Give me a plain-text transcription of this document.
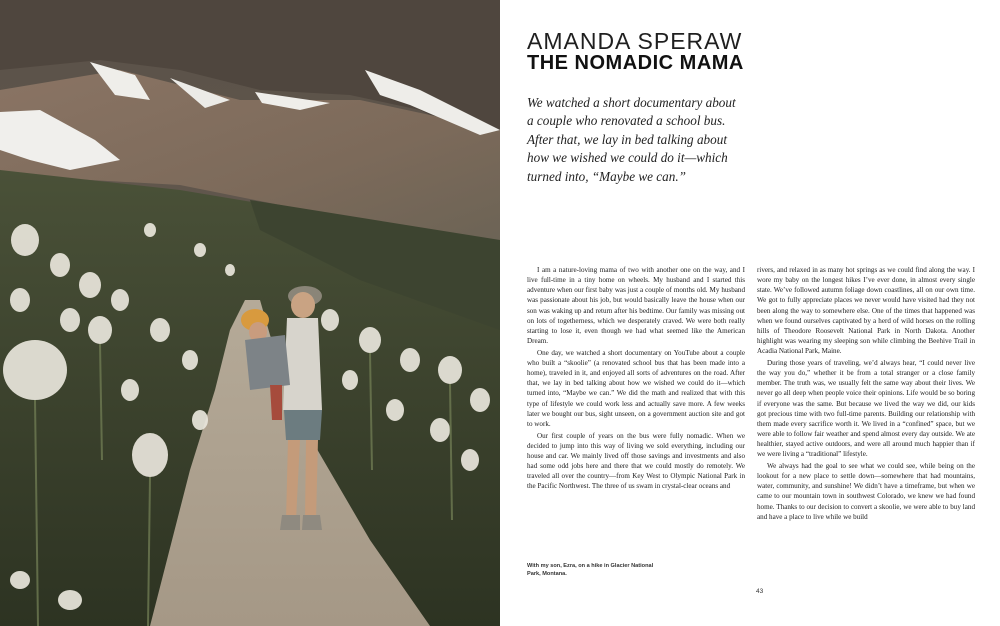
AMANDA SPERAW
THE NOMADIC MAMA
We watched a short documentary about
a couple who renovated a school bus.
After that, we lay in bed talking about
how we wished we could do it—which
turned into, “Maybe we can.”

I am a nature-loving mama of two with another one on the way, and I live full-time in a tiny home on wheels. My husband and I started this adventure when our first baby was just a couple of months old. My husband was passionate about his job, but would basically leave the house when our son was waking up and return after his bedtime. Our family was missing out on lots of togetherness, which we desperately craved. We were both really starting to lose it, even though we had what seemed like the American Dream.

One day, we watched a short documentary on YouTube about a couple who built a “skoolie” (a renovated school bus that has been made into a home), traveled in it, and enjoyed all sorts of adventures on the road. After that, we lay in bed talking about how we wished we could do it—which turned into, “Maybe we can.” We did the math and realized that with this type of lifestyle we could work less and actually save more. A few weeks later we bought our bus, sight unseen, on a government auction site and got to work.

Our first couple of years on the bus were fully nomadic. When we decided to jump into this way of living we sold everything, including our house and car. We mainly lived off those savings and investments and also had some odd jobs here and there that we could mostly do remotely. We traveled all over the country—from Key West to Olympic National Park in the Pacific Northwest. The three of us swam in crystal-clear oceans and

rivers, and relaxed in as many hot springs as we could find along the way. I wore my baby on the longest hikes I’ve ever done, in almost every single state. We’ve followed autumn foliage down coastlines, all on our own time. We got to fully appreciate places we never would have visited had they not been along the way to somewhere else. One of the times that happened was when we found ourselves captivated by a herd of wild horses on the rolling hills of Theodore Roosevelt National Park in North Dakota. Another highlight was wearing my sleeping son while climbing the Beehive Trail in Acadia National Park, Maine.

During those years of traveling, we’d always hear, “I could never live the way you do,” whether it be from a total stranger or a close family member. The truth was, we usually felt the same way about their lives. We never go all deep when people voice their opinions. Life would be so boring if everyone was the same. But because we lived the way we did, our kids got precious time with two full-time parents. Building our relationship with them made every sacrifice worth it. We lived in a “confined” space, but we were able to follow fair weather and spend almost every day outside. We ate healthier, stayed active outdoors, and were all around much happier than if we were living a “traditional” lifestyle.

We always had the goal to see what we could see, while being on the lookout for a new place to settle down—somewhere that had mountains, water, community, and sunshine! We didn’t have a timeframe, but when we came to our mountain town in southwest Colorado, we knew we had found home. Thanks to our decision to convert a skoolie, we were able to buy land and have a place to live while we build

With my son, Ezra, on a hike in Glacier National Park, Montana.
43
